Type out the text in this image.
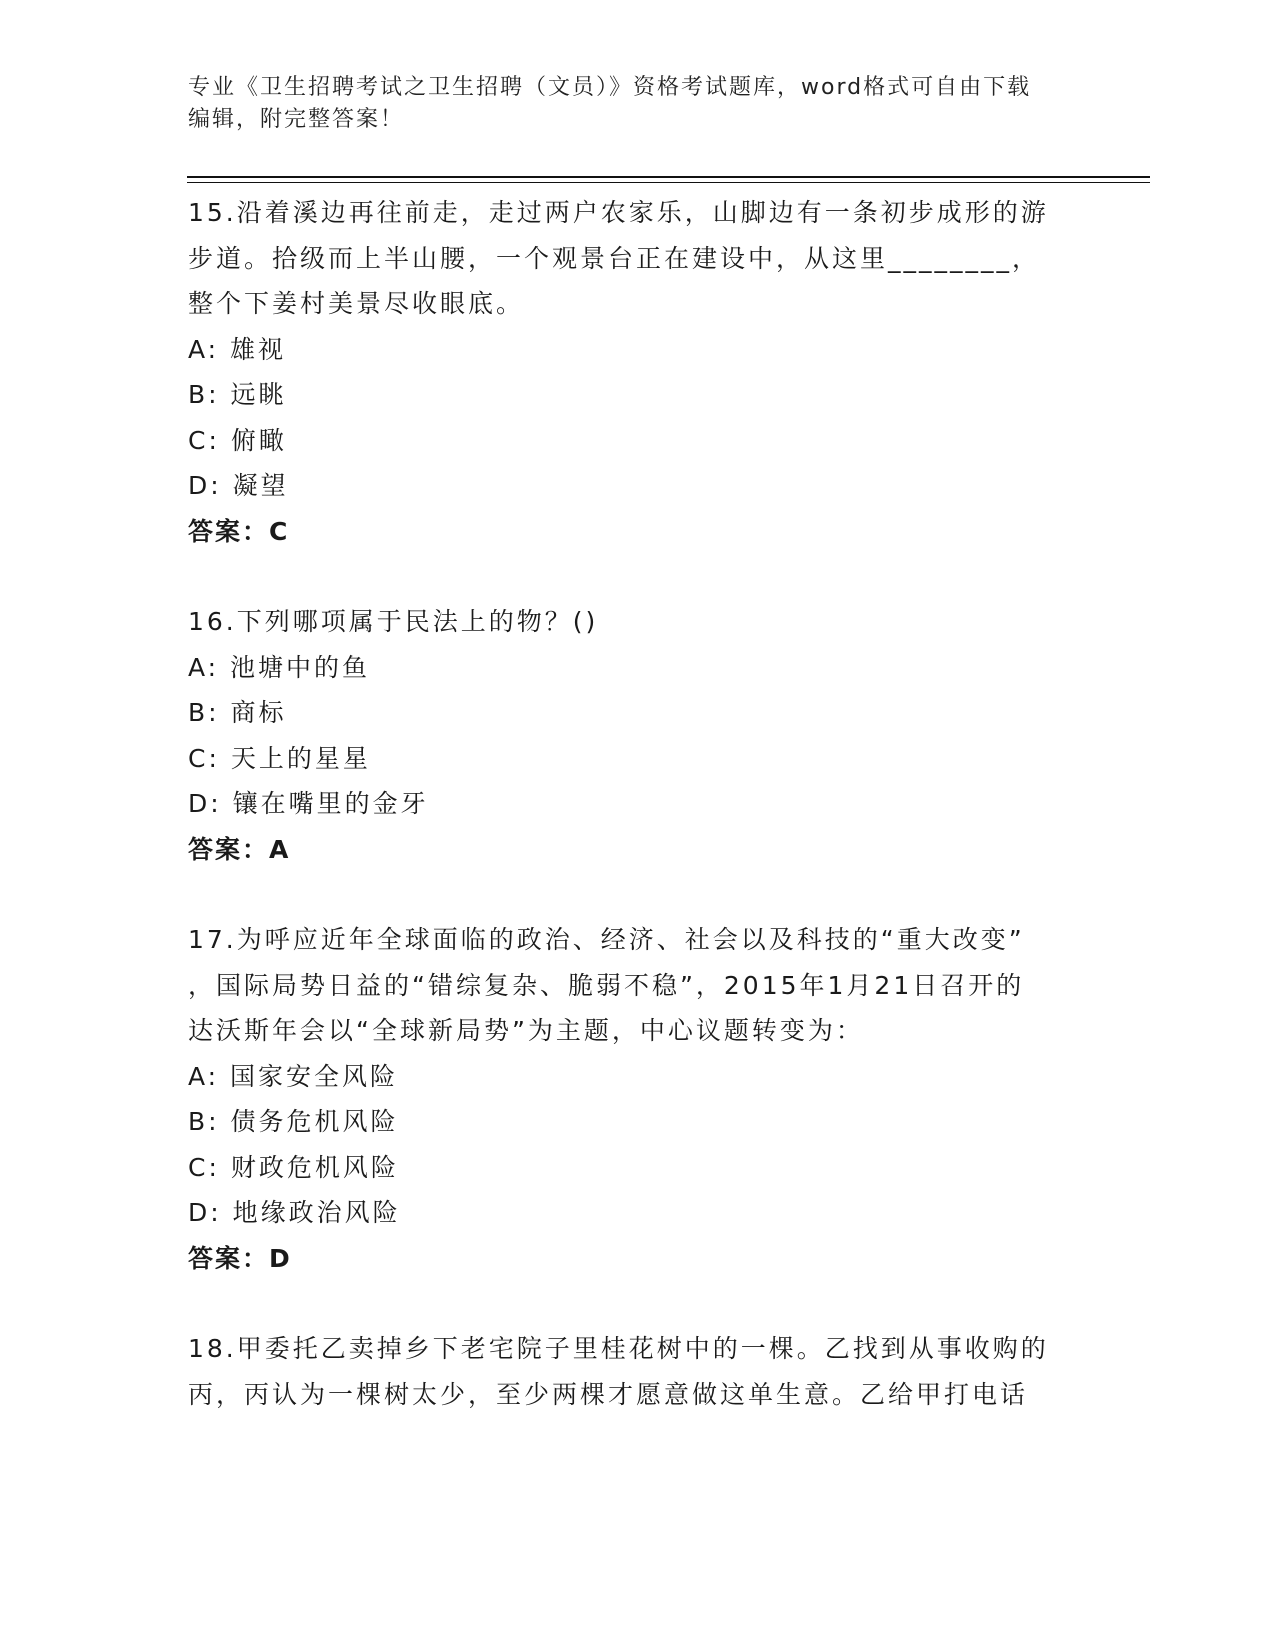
专业《卫生招聘考试之卫生招聘（文员）》资格考试题库，word格式可自由下载
编辑，附完整答案！

15.沿着溪边再往前走，走过两户农家乐，山脚边有一条初步成形的游

步道。拾级而上半山腰，一个观景台正在建设中，从这里________，

整个下姜村美景尽收眼底。

A: 雄视

B: 远眺

C: 俯瞰

D: 凝望

答案：C

16.下列哪项属于民法上的物？()

A: 池塘中的鱼

B: 商标

C: 天上的星星

D: 镶在嘴里的金牙

答案：A

17.为呼应近年全球面临的政治、经济、社会以及科技的“重大改变”

，国际局势日益的“错综复杂、脆弱不稳”，2015年1月21日召开的

达沃斯年会以“全球新局势”为主题，中心议题转变为：

A: 国家安全风险

B: 债务危机风险

C: 财政危机风险

D: 地缘政治风险

答案：D

18.甲委托乙卖掉乡下老宅院子里桂花树中的一棵。乙找到从事收购的

丙，丙认为一棵树太少，至少两棵才愿意做这单生意。乙给甲打电话
